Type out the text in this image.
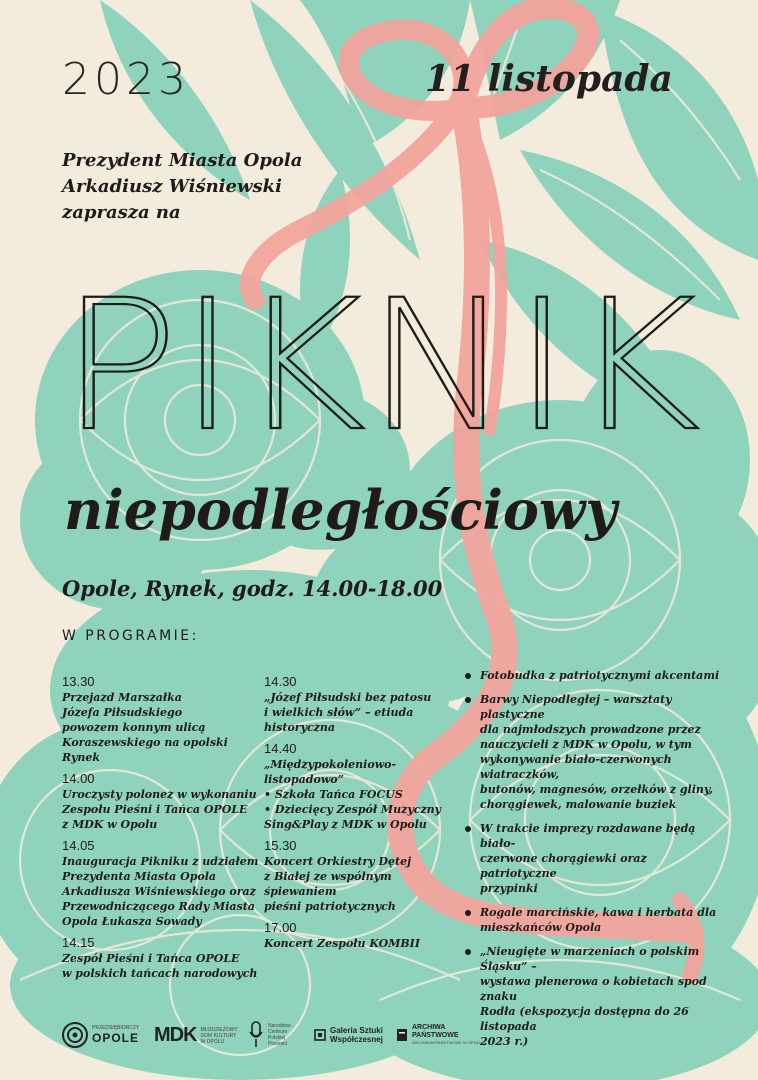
2023	11 listopada
Prezydent Miasta Opola
Arkadiusz Wiśniewski
zaprasza na
PIKNIK
niepodległościowy
Opole, Rynek, godz. 14.00-18.00
W PROGRAMIE:
13.30
Przejazd Marszałka
Józefa Piłsudskiego
powozem konnym ulicą
Koraszewskiego na opolski Rynek
14.00
Uroczysty polonez w wykonaniu
Zespołu Pieśni i Tańca OPOLE
z MDK w Opolu
14.05
Inauguracja Pikniku z udziałem
Prezydenta Miasta Opola
Arkadiusza Wiśniewskiego oraz
Przewodniczącego Rady Miasta
Opola Łukasza Sowady
14.15
Zespół Pieśni i Tańca OPOLE
w polskich tańcach narodowych
14.30
„Józef Piłsudski bez patosu
i wielkich słów” – etiuda
historyczna
14.40
„Międzypokoleniowo-
listopadowo”
• Szkoła Tańca FOCUS
• Dziecięcy Zespół Muzyczny
Sing&Play z MDK w Opolu
15.30
Koncert Orkiestry Dętej
z Białej ze wspólnym śpiewaniem
pieśni patriotycznych
17.00
Koncert Zespołu KOMBII
Fotobudka z patriotycznymi akcentami
Barwy Niepodległej – warsztaty plastyczne
dla najmłodszych prowadzone przez
nauczycieli z MDK w Opolu, w tym
wykonywanie biało-czerwonych wiatraczków,
butonów, magnesów, orzełków z gliny,
chorągiewek, malowanie buziek
W trakcie imprezy rozdawane będą biało-
czerwone chorągiewki oraz patriotyczne
przypinki
Rogale marcińskie, kawa i herbata dla
mieszkańców Opola
„Nieugięte w marzeniach o polskim Śląsku” –
wystawa plenerowa o kobietach spod znaku
Rodła (ekspozycja dostępna do 26 listopada
2023 r.)
PRZEDSIĘBIORCZY
OPOLE MDK MŁODZIEŻOWY
DOM KULTURY
W OPOLU
Narodowe
Centrum
Polskiej
Piosenki
Galeria Sztuki
Współczesnej
ARCHIWA
PAŃSTWOWE
ARCHIWUM PAŃSTWOWE W OPOLU
